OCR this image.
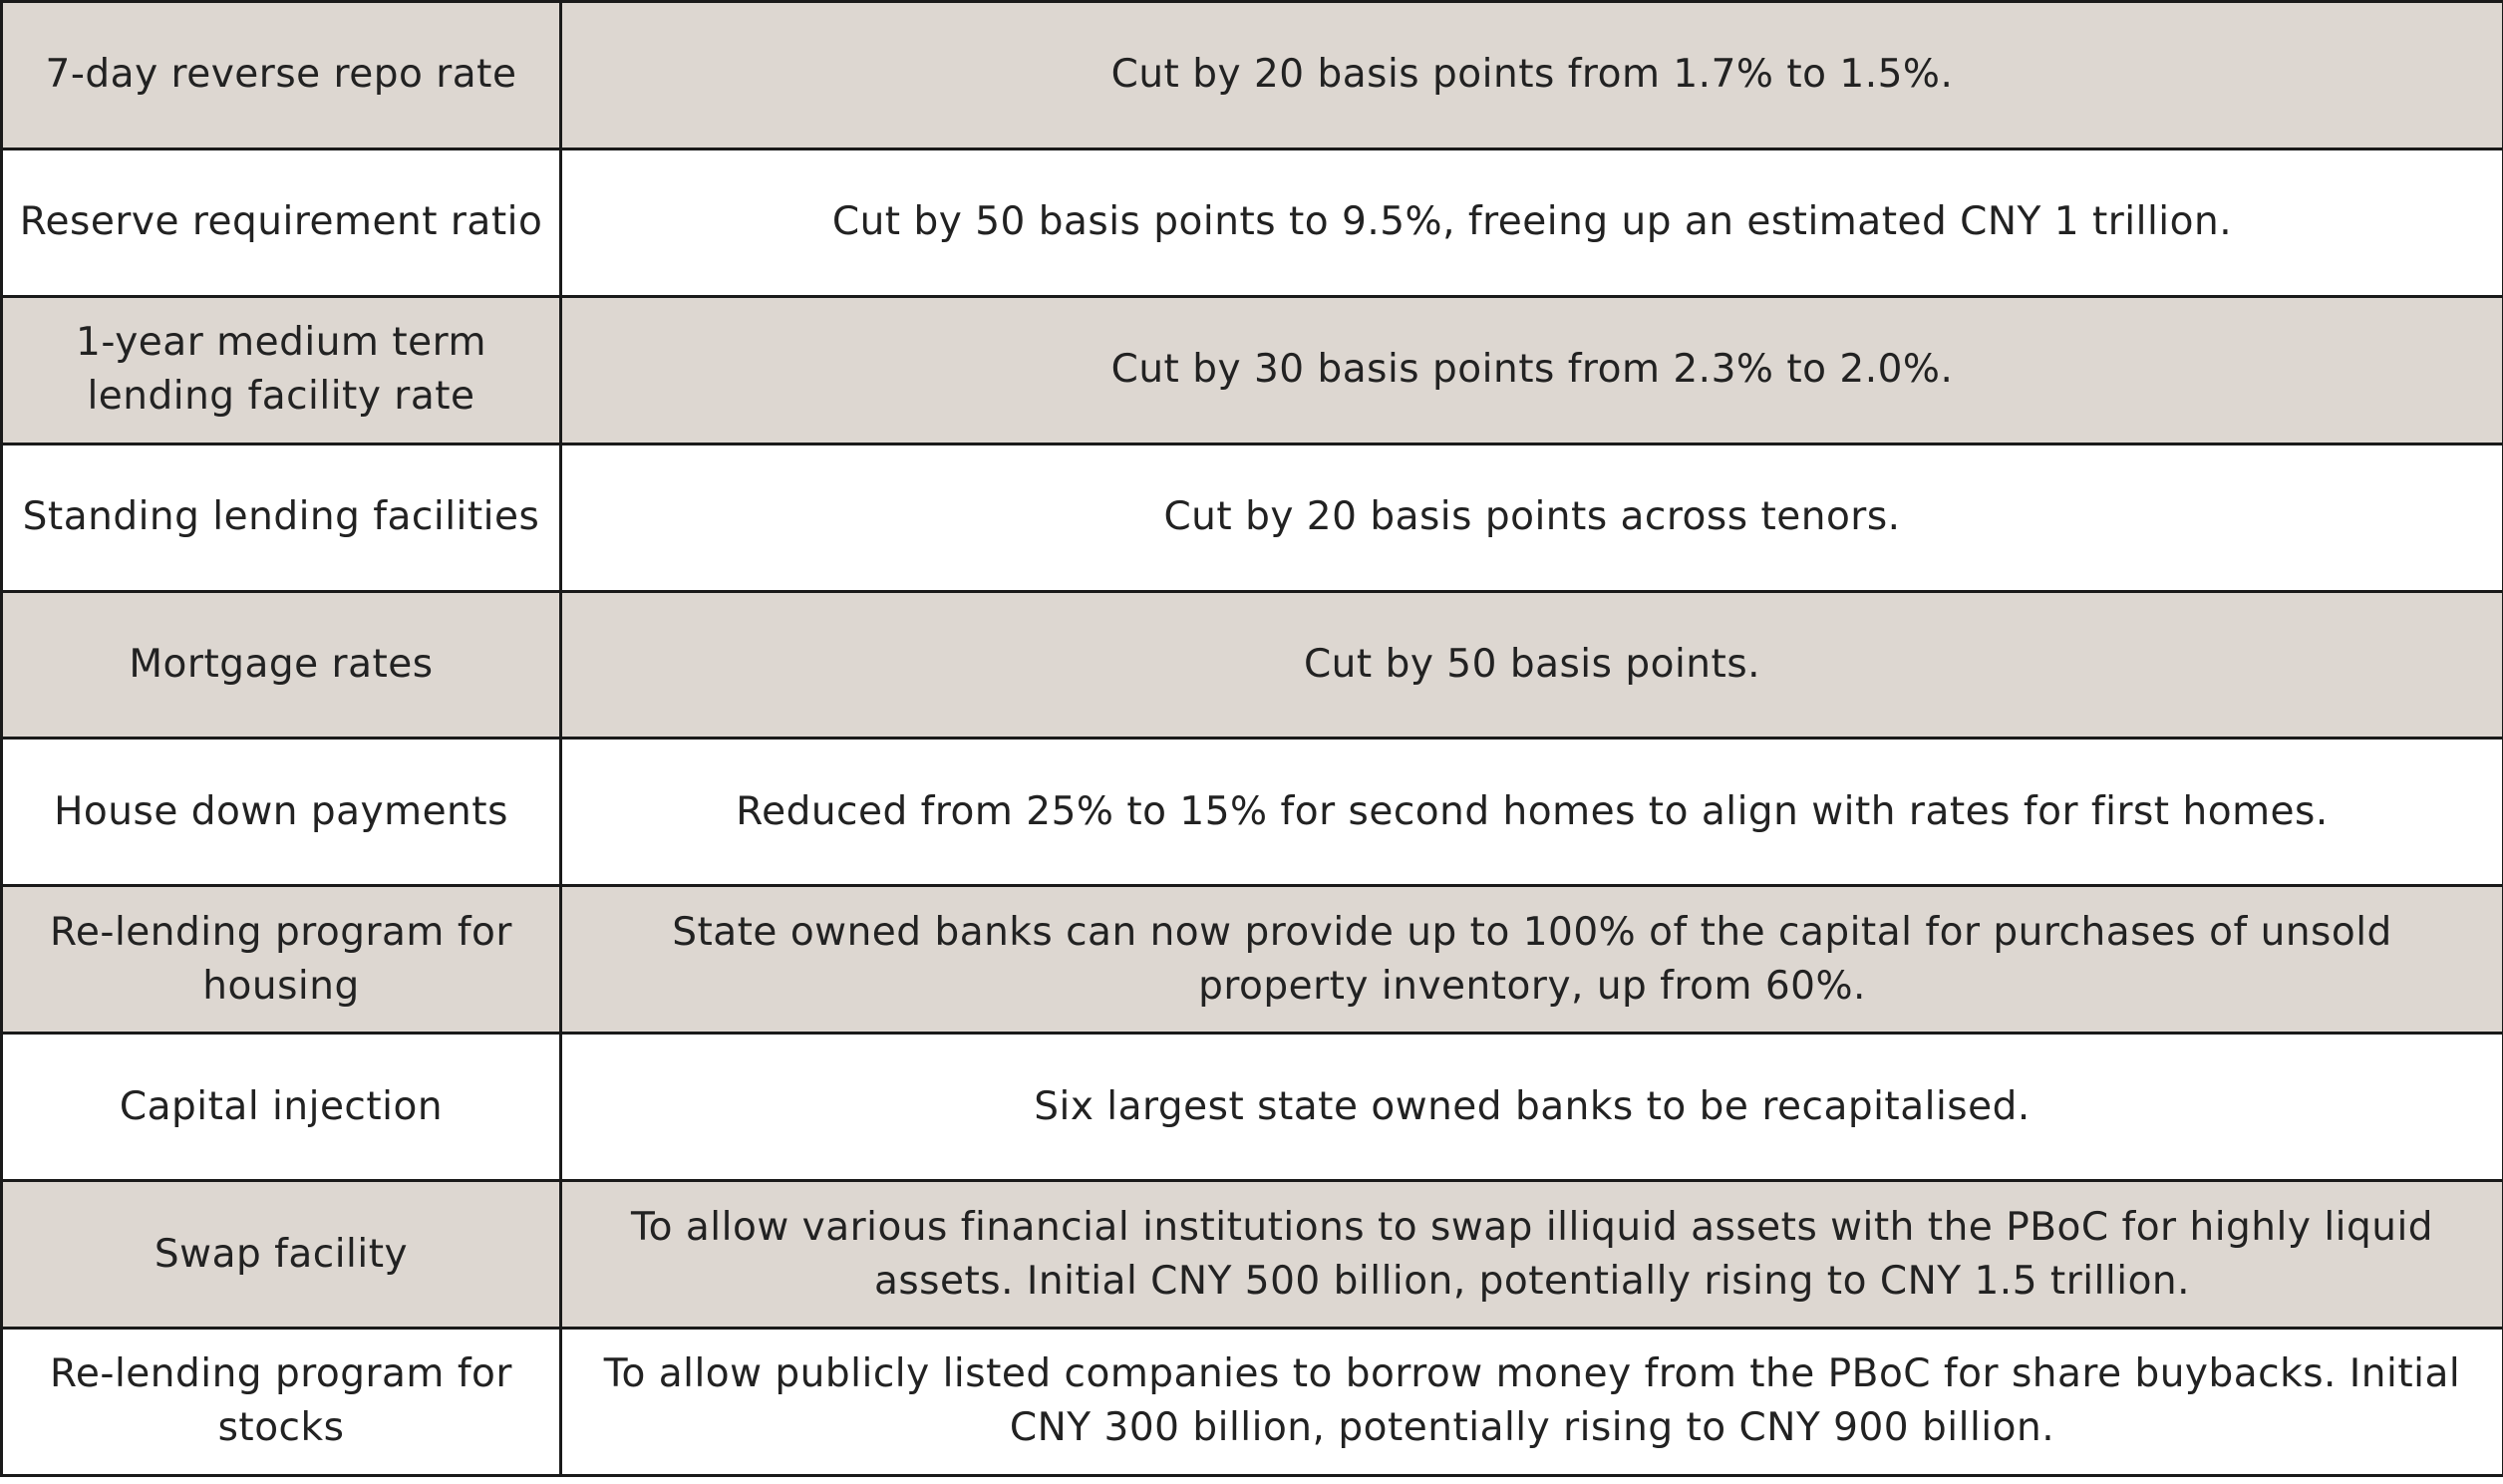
7-day reverse repo rate	Cut by 20 basis points from 1.7% to 1.5%.
Reserve requirement ratio	Cut by 50 basis points to 9.5%, freeing up an estimated CNY 1 trillion.
1-year medium term lending facility rate	Cut by 30 basis points from 2.3% to 2.0%.
Standing lending facilities	Cut by 20 basis points across tenors.
Mortgage rates	Cut by 50 basis points.
House down payments	Reduced from 25% to 15% for second homes to align with rates for first homes.
Re-lending program for housing	State owned banks can now provide up to 100% of the capital for purchases of unsold property inventory, up from 60%.
Capital injection	Six largest state owned banks to be recapitalised.
Swap facility	To allow various financial institutions to swap illiquid assets with the PBoC for highly liquid assets. Initial CNY 500 billion, potentially rising to CNY 1.5 trillion.
Re-lending program for stocks	To allow publicly listed companies to borrow money from the PBoC for share buybacks. Initial CNY 300 billion, potentially rising to CNY 900 billion.
